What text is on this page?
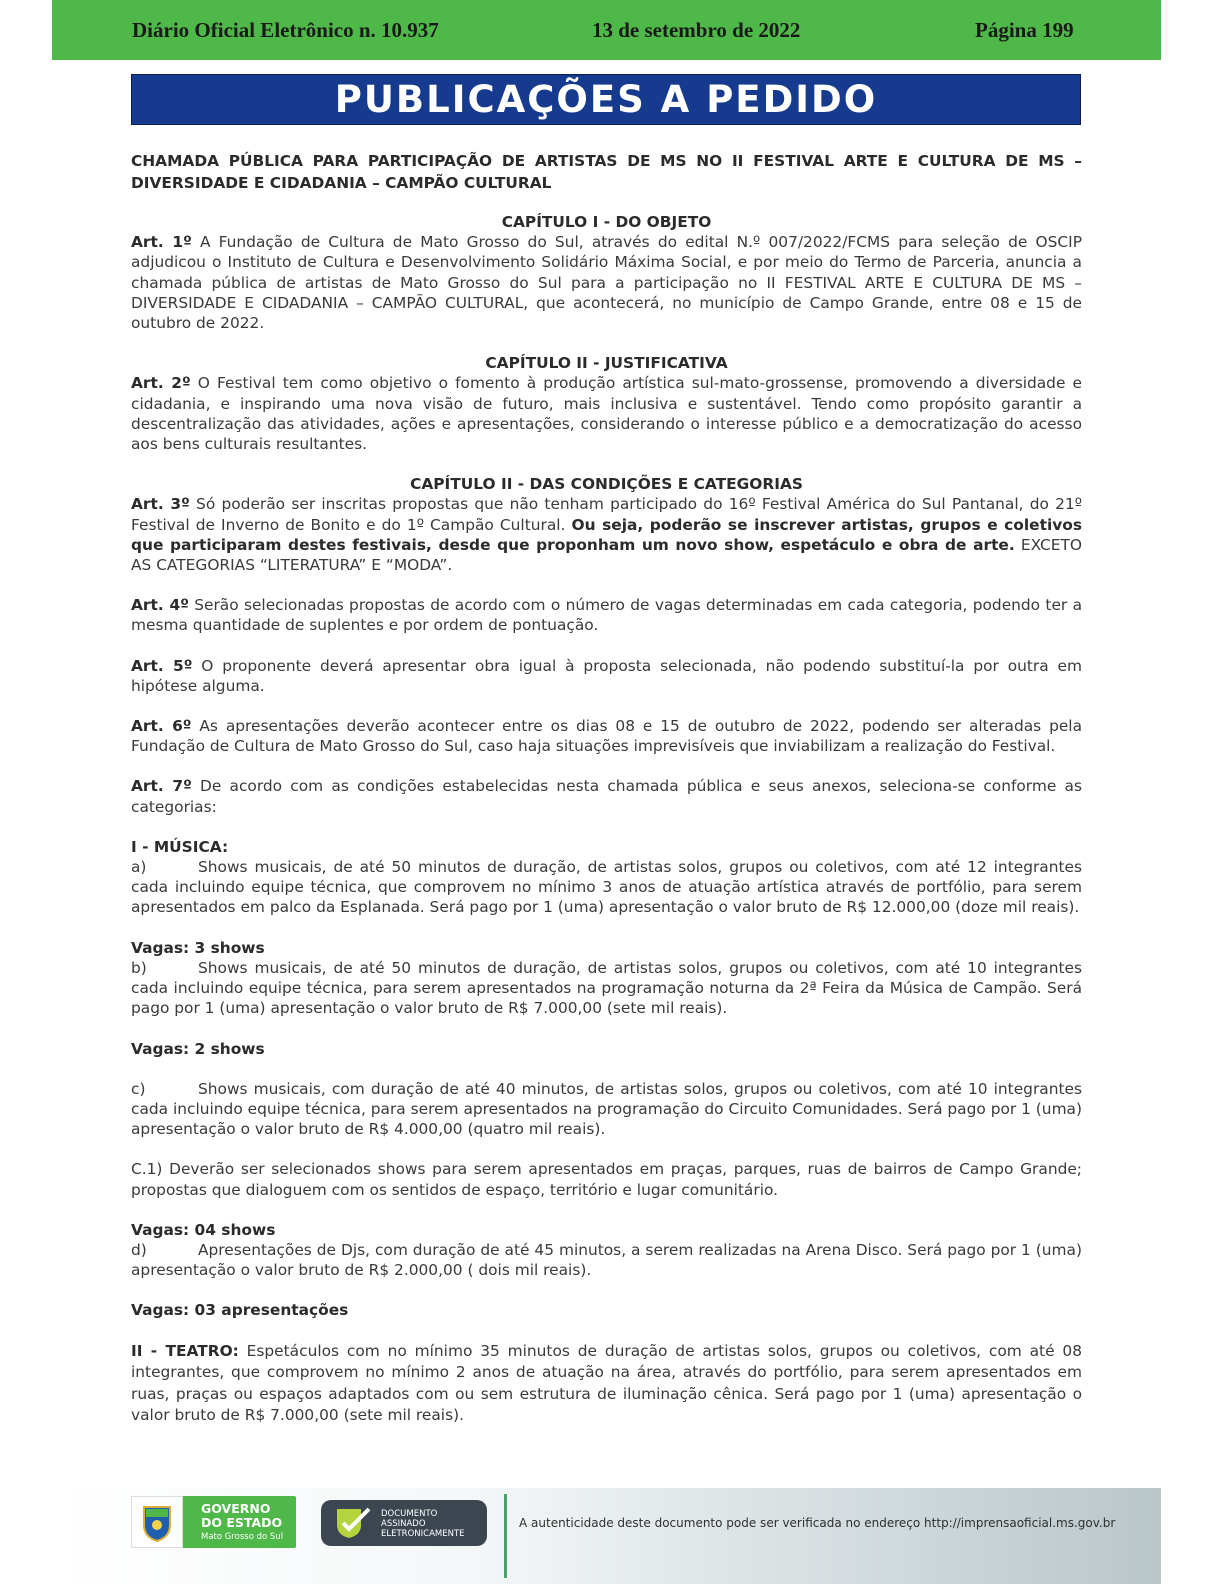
Diário Oficial Eletrônico n. 10.937	13 de setembro de 2022	Página 199
PUBLICAÇÕES A PEDIDO

CHAMADA PÚBLICA PARA PARTICIPAÇÃO DE ARTISTAS DE MS NO II FESTIVAL ARTE E CULTURA DE MS – DIVERSIDADE E CIDADANIA – CAMPÃO CULTURAL

CAPÍTULO I - DO OBJETO

Art. 1º A Fundação de Cultura de Mato Grosso do Sul, através do edital N.º 007/2022/FCMS para seleção de OSCIP adjudicou o Instituto de Cultura e Desenvolvimento Solidário Máxima Social, e por meio do Termo de Parceria, anuncia a chamada pública de artistas de Mato Grosso do Sul para a participação no II FESTIVAL ARTE E CULTURA DE MS – DIVERSIDADE E CIDADANIA – CAMPÃO CULTURAL, que acontecerá, no município de Campo Grande, entre 08 e 15 de outubro de 2022.

CAPÍTULO II - JUSTIFICATIVA

Art. 2º O Festival tem como objetivo o fomento à produção artística sul-mato-grossense, promovendo a diversidade e cidadania, e inspirando uma nova visão de futuro, mais inclusiva e sustentável. Tendo como propósito garantir a descentralização das atividades, ações e apresentações, considerando o interesse público e a democratização do acesso aos bens culturais resultantes.

CAPÍTULO II - DAS CONDIÇÕES E CATEGORIAS

Art. 3º Só poderão ser inscritas propostas que não tenham participado do 16º Festival América do Sul Pantanal, do 21º Festival de Inverno de Bonito e do 1º Campão Cultural. Ou seja, poderão se inscrever artistas, grupos e coletivos que participaram destes festivais, desde que proponham um novo show, espetáculo e obra de arte. EXCETO AS CATEGORIAS “LITERATURA” E “MODA”.

Art. 4º Serão selecionadas propostas de acordo com o número de vagas determinadas em cada categoria, podendo ter a mesma quantidade de suplentes e por ordem de pontuação.

Art. 5º O proponente deverá apresentar obra igual à proposta selecionada, não podendo substituí-la por outra em hipótese alguma.

Art. 6º As apresentações deverão acontecer entre os dias 08 e 15 de outubro de 2022, podendo ser alteradas pela Fundação de Cultura de Mato Grosso do Sul, caso haja situações imprevisíveis que inviabilizam a realização do Festival.

Art. 7º De acordo com as condições estabelecidas nesta chamada pública e seus anexos, seleciona-se conforme as categorias:

I - MÚSICA:

a)	Shows musicais, de até 50 minutos de duração, de artistas solos, grupos ou coletivos, com até 12 integrantes cada incluindo equipe técnica, que comprovem no mínimo 3 anos de atuação artística através de portfólio, para serem apresentados em palco da Esplanada. Será pago por 1 (uma) apresentação o valor bruto de R$ 12.000,00 (doze mil reais).

Vagas: 3 shows

b)	Shows musicais, de até 50 minutos de duração, de artistas solos, grupos ou coletivos, com até 10 integrantes cada incluindo equipe técnica, para serem apresentados na programação noturna da 2ª Feira da Música de Campão. Será pago por 1 (uma) apresentação o valor bruto de R$ 7.000,00 (sete mil reais).

Vagas: 2 shows

c)	Shows musicais, com duração de até 40 minutos, de artistas solos, grupos ou coletivos, com até 10 integrantes cada incluindo equipe técnica, para serem apresentados na programação do Circuito Comunidades. Será pago por 1 (uma) apresentação o valor bruto de R$ 4.000,00 (quatro mil reais).

C.1) Deverão ser selecionados shows para serem apresentados em praças, parques, ruas de bairros de Campo Grande; propostas que dialoguem com os sentidos de espaço, território e lugar comunitário.

Vagas: 04 shows

d)	Apresentações de Djs, com duração de até 45 minutos, a serem realizadas na Arena Disco. Será pago por 1 (uma) apresentação o valor bruto de R$ 2.000,00 ( dois mil reais).

Vagas: 03 apresentações

II - TEATRO: Espetáculos com no mínimo 35 minutos de duração de artistas solos, grupos ou coletivos, com até 08 integrantes, que comprovem no mínimo 2 anos de atuação na área, através do portfólio, para serem apresentados em ruas, praças ou espaços adaptados com ou sem estrutura de iluminação cênica. Será pago por 1 (uma) apresentação o valor bruto de R$ 7.000,00 (sete mil reais).

GOVERNO
DO ESTADO
Mato Grosso do Sul
DOCUMENTO
ASSINADO
ELETRONICAMENTE
A autenticidade deste documento pode ser verificada no endereço http://imprensaoficial.ms.gov.br
